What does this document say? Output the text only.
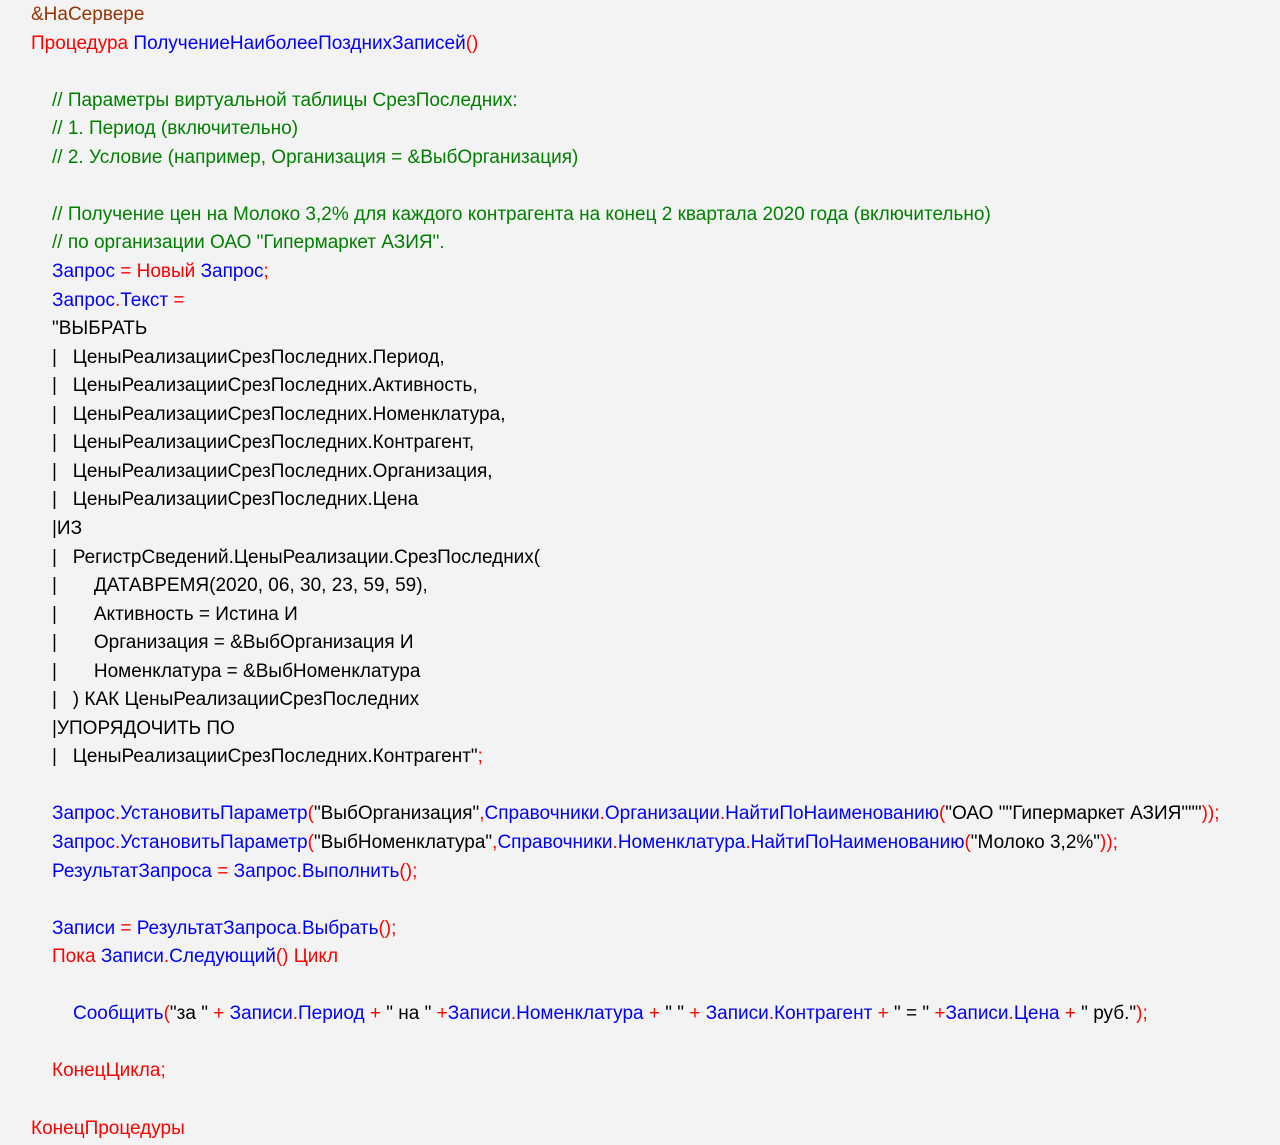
&НаСервере
Процедура ПолучениеНаиболееПозднихЗаписей()
// Параметры виртуальной таблицы СрезПоследних:
// 1. Период (включительно)
// 2. Условие (например, Организация = &ВыбОрганизация)
// Получение цен на Молоко 3,2% для каждого контрагента на конец 2 квартала 2020 года (включительно)
// по организации ОАО "Гипермаркет АЗИЯ".
Запрос = Новый Запрос;
Запрос.Текст =
"ВЫБРАТЬ
|   ЦеныРеализацииСрезПоследних.Период,
|   ЦеныРеализацииСрезПоследних.Активность,
|   ЦеныРеализацииСрезПоследних.Номенклатура,
|   ЦеныРеализацииСрезПоследних.Контрагент,
|   ЦеныРеализацииСрезПоследних.Организация,
|   ЦеныРеализацииСрезПоследних.Цена
|ИЗ
|   РегистрСведений.ЦеныРеализации.СрезПоследних(
|       ДАТАВРЕМЯ(2020, 06, 30, 23, 59, 59),
|       Активность = Истина И
|       Организация = &ВыбОрганизация И
|       Номенклатура = &ВыбНоменклатура
|   ) КАК ЦеныРеализацииСрезПоследних
|УПОРЯДОЧИТЬ ПО
|   ЦеныРеализацииСрезПоследних.Контрагент";
Запрос.УстановитьПараметр("ВыбОрганизация",Справочники.Организации.НайтиПоНаименованию("ОАО ""Гипермаркет АЗИЯ"""));
Запрос.УстановитьПараметр("ВыбНоменклатура",Справочники.Номенклатура.НайтиПоНаименованию("Молоко 3,2%"));
РезультатЗапроса = Запрос.Выполнить();
Записи = РезультатЗапроса.Выбрать();
Пока Записи.Следующий() Цикл
Сообщить("за " + Записи.Период + " на " +Записи.Номенклатура + " " + Записи.Контрагент + " = " +Записи.Цена + " руб.");
КонецЦикла;
КонецПроцедуры
